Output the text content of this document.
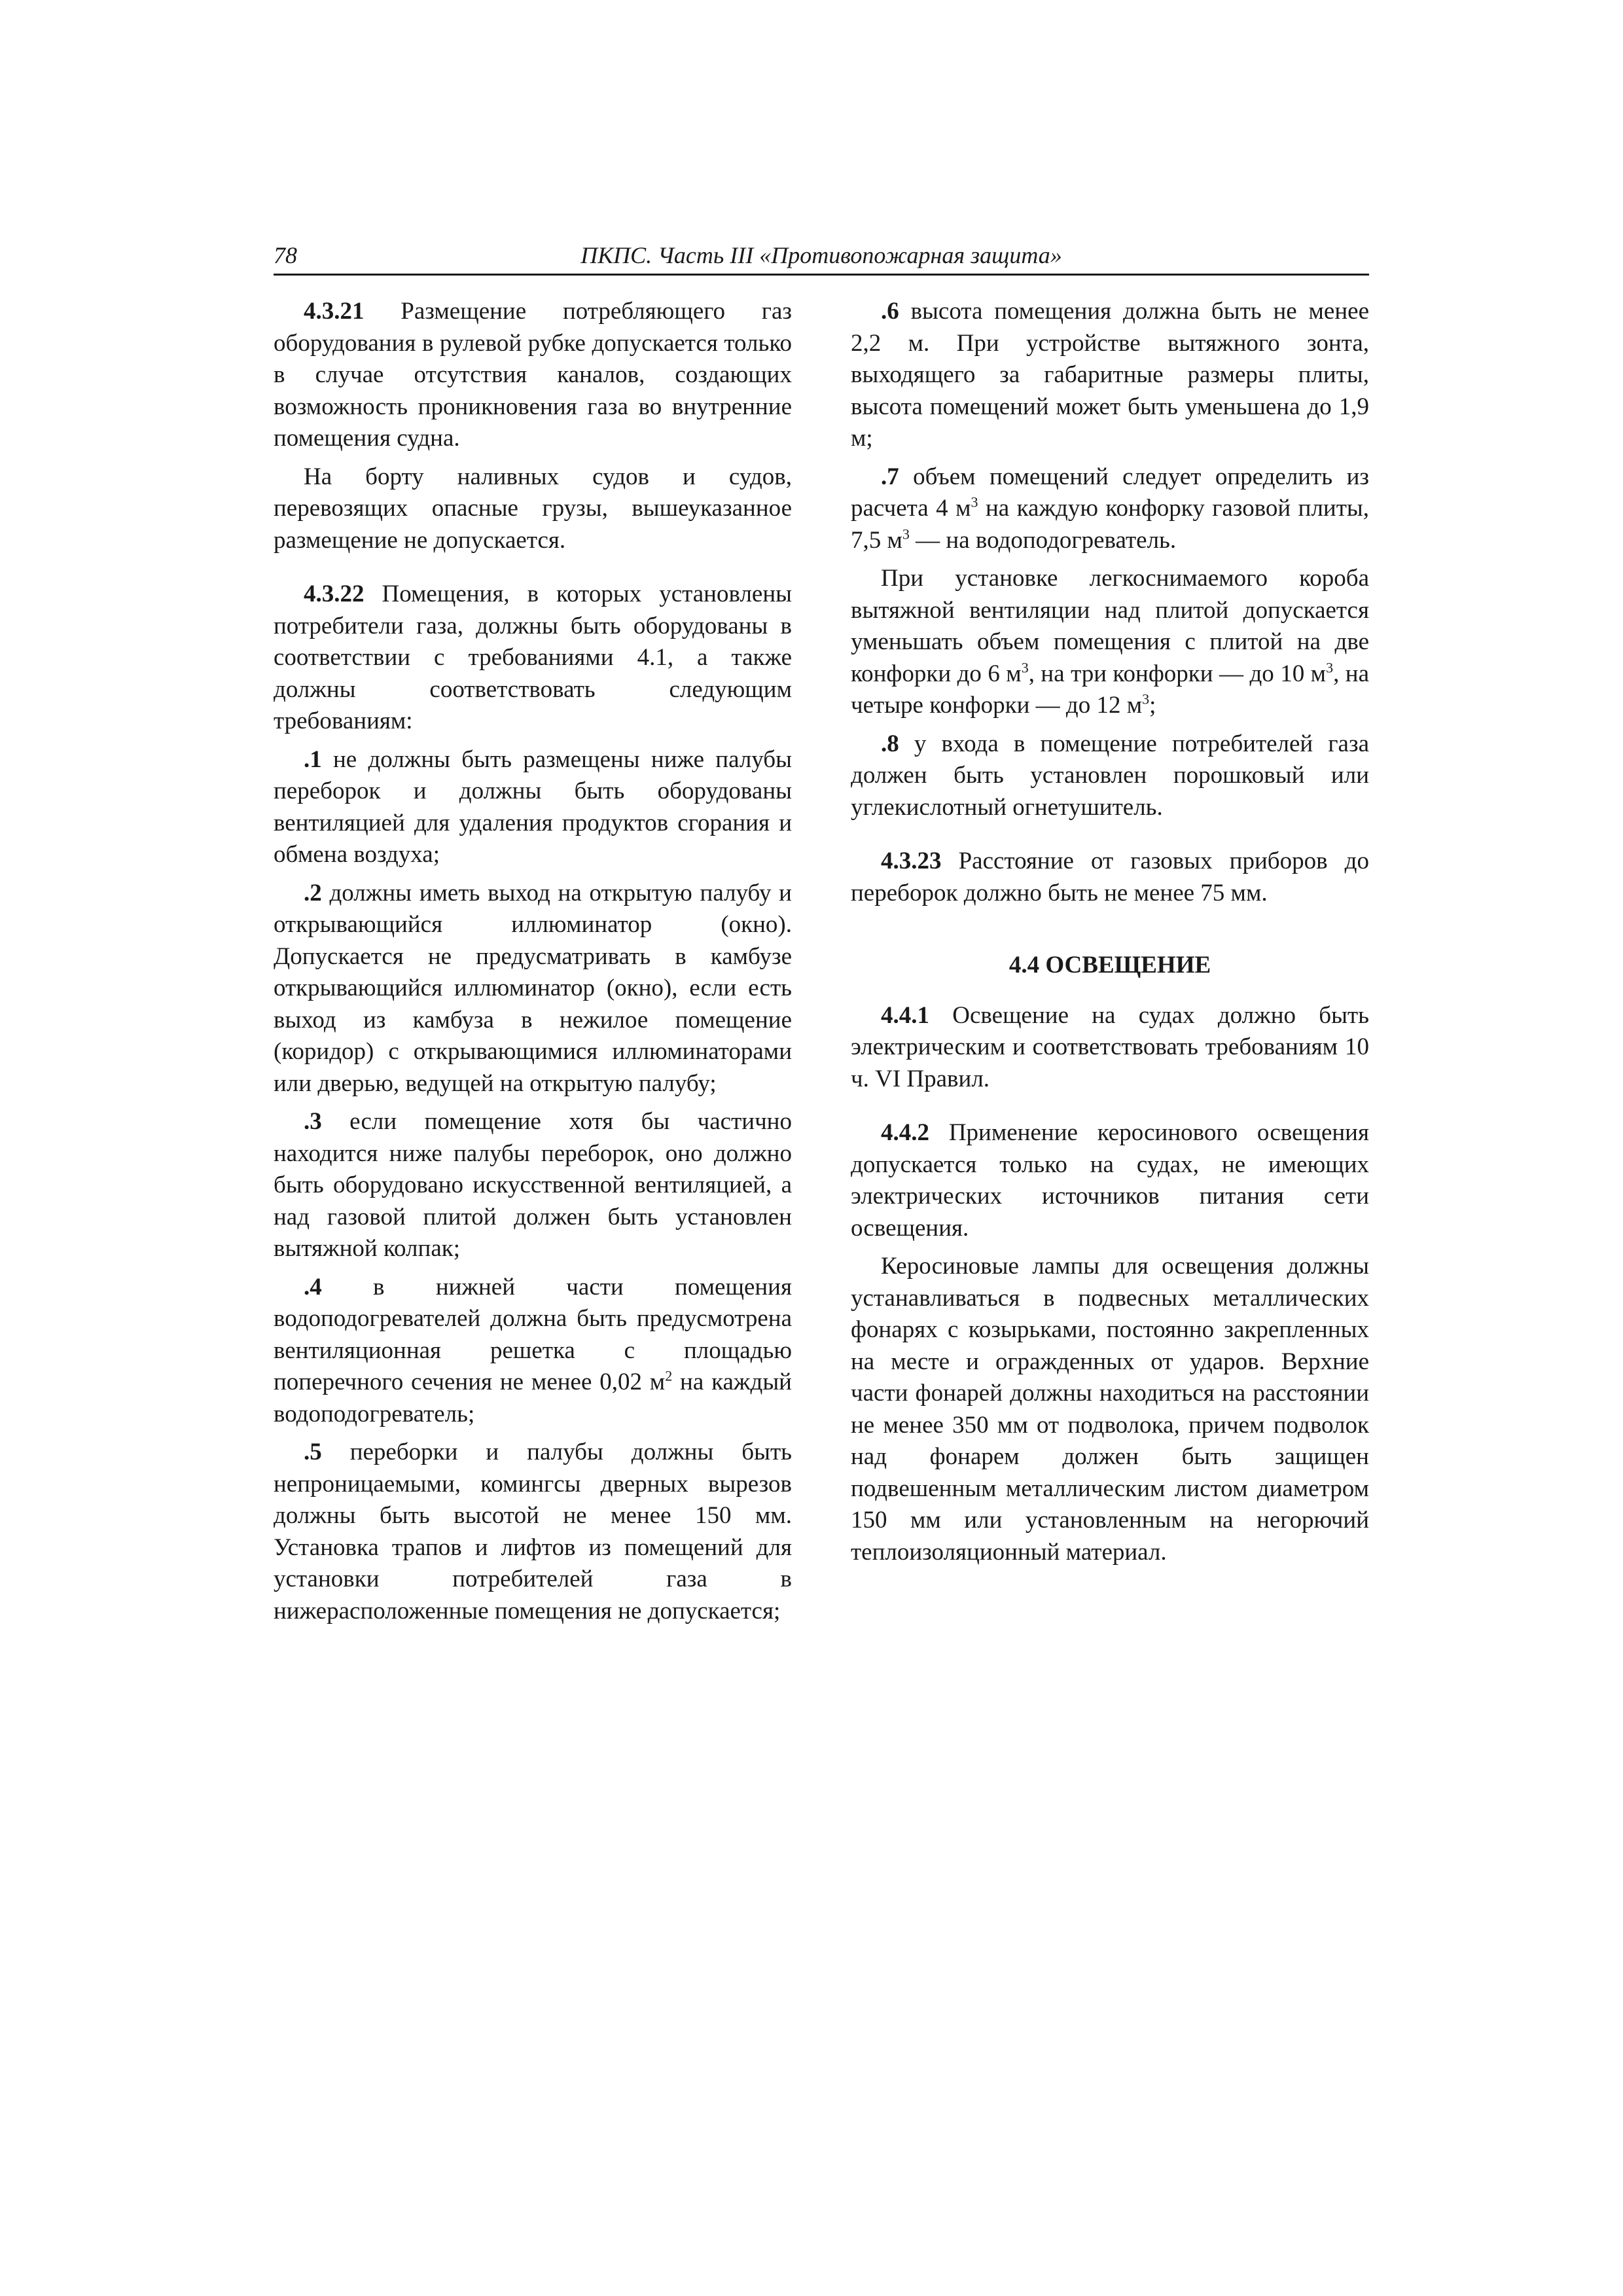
78	ПКПС. Часть III «Противопожарная защита»

4.3.21 Размещение потребляющего газ оборудования в рулевой рубке допускается только в случае отсутствия каналов, создающих возможность проникновения газа во внутренние помещения судна.

На борту наливных судов и судов, перевозящих опасные грузы, вышеуказанное размещение не допускается.

4.3.22 Помещения, в которых установлены потребители газа, должны быть оборудованы в соответствии с требованиями 4.1, а также должны соответствовать следующим требованиям:

.1 не должны быть размещены ниже палубы переборок и должны быть оборудованы вентиляцией для удаления продуктов сгорания и обмена воздуха;

.2 должны иметь выход на открытую палубу и открывающийся иллюминатор (окно). Допускается не предусматривать в камбузе открывающийся иллюминатор (окно), если есть выход из камбуза в нежилое помещение (коридор) с открывающимися иллюминаторами или дверью, ведущей на открытую палубу;

.3 если помещение хотя бы частично находится ниже палубы переборок, оно должно быть оборудовано искусственной вентиляцией, а над газовой плитой должен быть установлен вытяжной колпак;

.4 в нижней части помещения водоподогревателей должна быть предусмотрена вентиляционная решетка с площадью поперечного сечения не менее 0,02 $м^2$ на каждый водоподогреватель;

.5 переборки и палубы должны быть непроницаемыми, комингсы дверных вырезов должны быть высотой не менее 150 мм. Установка трапов и лифтов из помещений для установки потребителей газа в нижерасположенные помещения не допускается;

.6 высота помещения должна быть не менее 2,2 м. При устройстве вытяжного зонта, выходящего за габаритные размеры плиты, высота помещений может быть уменьшена до 1,9 м;

.7 объем помещений следует определить из расчета 4 $м^3$ на каждую конфорку газовой плиты, 7,5 $м^3$ — на водоподогреватель.

При установке легкоснимаемого короба вытяжной вентиляции над плитой допускается уменьшать объем помещения с плитой на две конфорки до 6 $м^3$, на три конфорки — до 10 $м^3$, на четыре конфорки — до 12 $м^3$;

.8 у входа в помещение потребителей газа должен быть установлен порошковый или углекислотный огнетушитель.

4.3.23 Расстояние от газовых приборов до переборок должно быть не менее 75 мм.

4.4 ОСВЕЩЕНИЕ

4.4.1 Освещение на судах должно быть электрическим и соответствовать требованиям 10 ч. VI Правил.

4.4.2 Применение керосинового освещения допускается только на судах, не имеющих электрических источников питания сети освещения.

Керосиновые лампы для освещения должны устанавливаться в подвесных металлических фонарях с козырьками, постоянно закрепленных на месте и огражденных от ударов. Верхние части фонарей должны находиться на расстоянии не менее 350 мм от подволока, причем подволок над фонарем должен быть защищен подвешенным металлическим листом диаметром 150 мм или установленным на негорючий теплоизоляционный материал.
